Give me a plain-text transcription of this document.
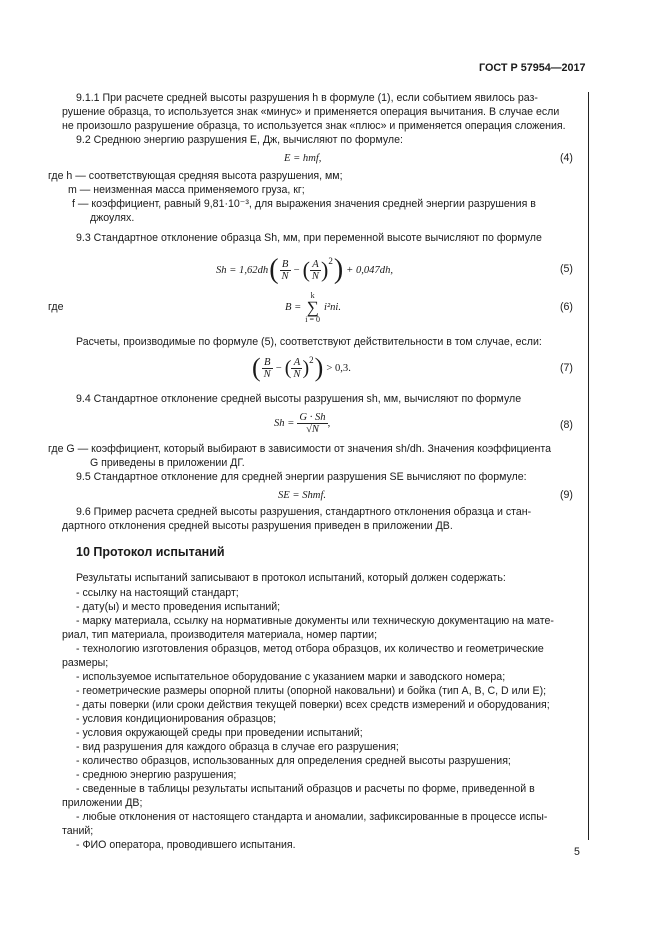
ГОСТ Р 57954—2017
9.1.1 При расчете средней высоты разрушения h в формуле (1), если событием явилось раз-
рушение образца, то используется знак «минус» и применяется операция вычитания. В случае если
не произошло разрушение образца, то используется знак «плюс» и применяется операция сложения.
9.2 Среднюю энергию разрушения E, Дж, вычисляют по формуле:
E = hmf,	(4)
где h — соответствующая средняя высота разрушения, мм;
m — неизменная масса применяемого груза, кг;
f — коэффициент, равный 9,81·10⁻³, для выражения значения средней энергии разрушения в
джоулях.
9.3 Стандартное отклонение образца Sh, мм, при переменной высоте вычисляют по формуле
Sh = 1,62dh ( $\frac{B}{N}$ − ( $\frac{A}{N} )^2$ ) + 0,047dh,	(5)
где	B =
k
∑
i = 0
i²ni.	(6)
Расчеты, производимые по формуле (5), соответствуют действительности в том случае, если:
( $\frac{B}{N}$ − ( $\frac{A}{N} )^2$ ) > 0,3.	(7)
9.4 Стандартное отклонение средней высоты разрушения sh, мм, вычисляют по формуле
$Sh = \frac{G \cdot Sh}{√N}$ ,	(8)
где G — коэффициент, который выбирают в зависимости от значения sh/dh. Значения коэффициента
G приведены в приложении ДГ.
9.5 Стандартное отклонение для средней энергии разрушения SE вычисляют по формуле:
SE = Shmf.	(9)
9.6 Пример расчета средней высоты разрушения, стандартного отклонения образца и стан-
дартного отклонения средней высоты разрушения приведен в приложении ДВ.
10 Протокол испытаний
Результаты испытаний записывают в протокол испытаний, который должен содержать:
- ссылку на настоящий стандарт;
- дату(ы) и место проведения испытаний;
- марку материала, ссылку на нормативные документы или техническую документацию на мате-
риал, тип материала, производителя материала, номер партии;
- технологию изготовления образцов, метод отбора образцов, их количество и геометрические
размеры;
- используемое испытательное оборудование с указанием марки и заводского номера;
- геометрические размеры опорной плиты (опорной наковальни) и бойка (тип А, В, С, D или Е);
- даты поверки (или сроки действия текущей поверки) всех средств измерений и оборудования;
- условия кондиционирования образцов;
- условия окружающей среды при проведении испытаний;
- вид разрушения для каждого образца в случае его разрушения;
- количество образцов, использованных для определения средней высоты разрушения;
- среднюю энергию разрушения;
- сведенные в таблицы результаты испытаний образцов и расчеты по форме, приведенной в
приложении ДВ;
- любые отклонения от настоящего стандарта и аномалии, зафиксированные в процессе испы-
таний;
- ФИО оператора, проводившего испытания.
5
